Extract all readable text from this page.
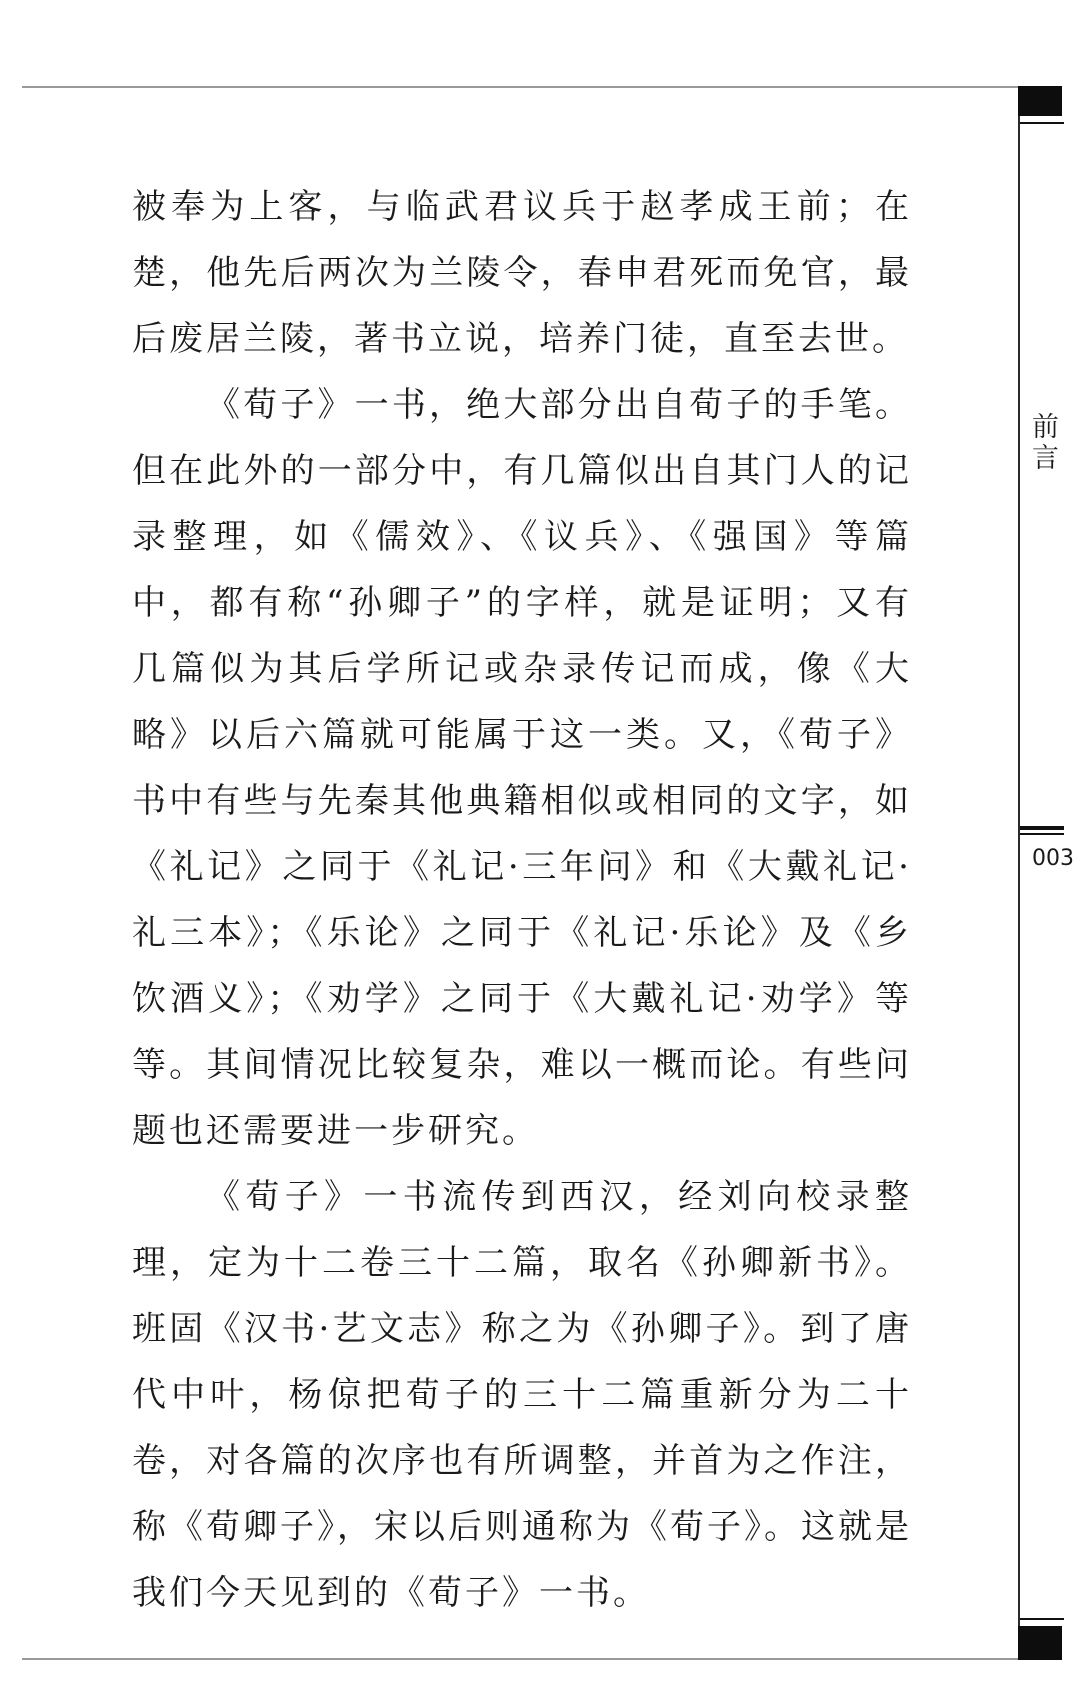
前言
003

被奉为上客，与临武君议兵于赵孝成王前；在楚，他先后两次为兰陵令，春申君死而免官，最后废居兰陵，著书立说，培养门徒，直至去世。

《荀子》一书，绝大部分出自荀子的手笔。但在此外的一部分中，有几篇似出自其门人的记录整理，如《儒效》、《议兵》、《强国》等篇中，都有称“孙卿子”的字样，就是证明；又有几篇似为其后学所记或杂录传记而成，像《大略》以后六篇就可能属于这一类。又，《荀子》书中有些与先秦其他典籍相似或相同的文字，如《礼记》之同于《礼记·三年问》和《大戴礼记·礼三本》；《乐论》之同于《礼记·乐论》及《乡饮酒义》；《劝学》之同于《大戴礼记·劝学》等等。其间情况比较复杂，难以一概而论。有些问题也还需要进一步研究。

《荀子》一书流传到西汉，经刘向校录整理，定为十二卷三十二篇，取名《孙卿新书》。班固《汉书·艺文志》称之为《孙卿子》。到了唐代中叶，杨倞把荀子的三十二篇重新分为二十卷，对各篇的次序也有所调整，并首为之作注，称《荀卿子》，宋以后则通称为《荀子》。这就是我们今天见到的《荀子》一书。
